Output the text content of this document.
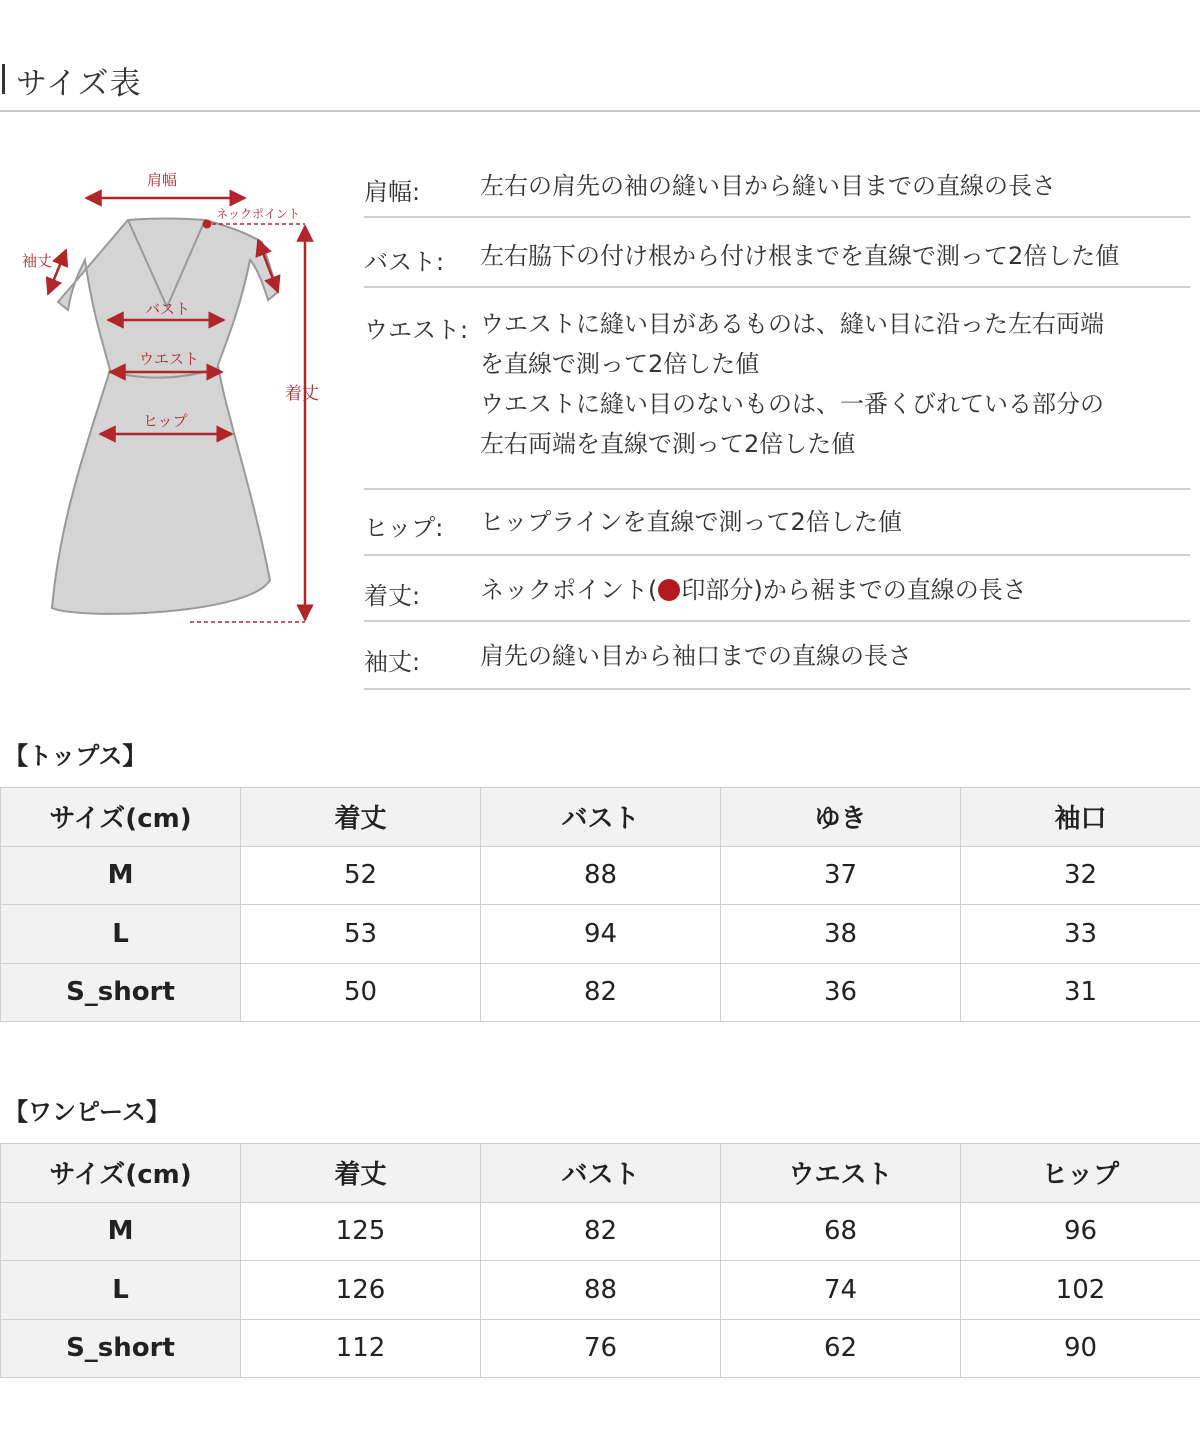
サイズ表
肩幅
ネックポイント
袖丈
バスト
ウエスト
ヒップ
着丈
肩幅: 左右の肩先の袖の縫い目から縫い目までの直線の長さ
バスト: 左右脇下の付け根から付け根までを直線で測って2倍した値
ウエスト: ウエストに縫い目があるものは、縫い目に沿った左右両端
を直線で測って2倍した値
ウエストに縫い目のないものは、一番くびれている部分の
左右両端を直線で測って2倍した値
ヒップ: ヒップラインを直線で測って2倍した値
着丈: ネックポイント( 印部分)から裾までの直線の長さ
袖丈: 肩先の縫い目から袖口までの直線の長さ
【トップス】
サイズ(cm)	着丈	バスト	ゆき	袖口
M	52	88	37	32
L	53	94	38	33
S_short	50	82	36	31
【ワンピース】
サイズ(cm)	着丈	バスト	ウエスト	ヒップ
M	125	82	68	96
L	126	88	74	102
S_short	112	76	62	90
